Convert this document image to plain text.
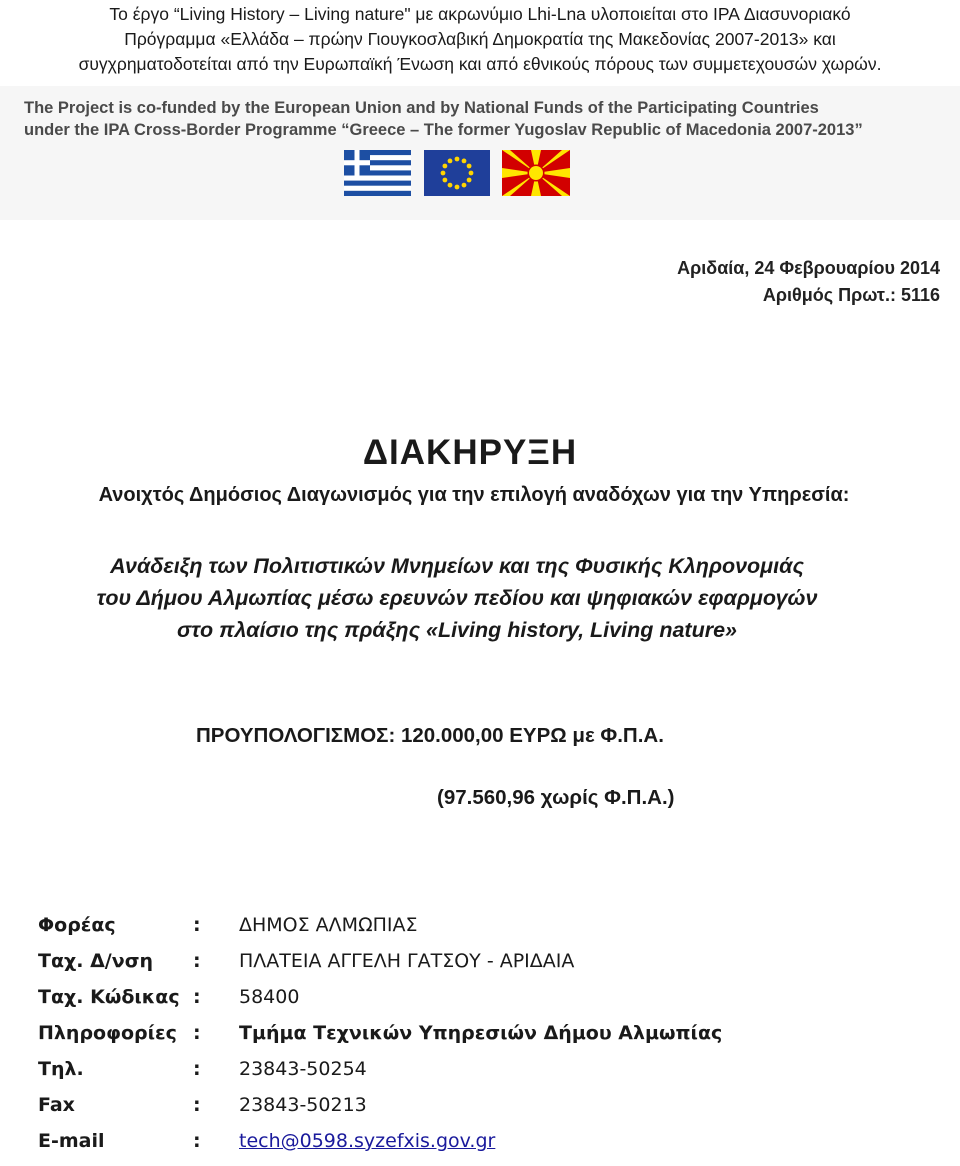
Το έργο “Living History – Living nature" με ακρωνύμιο Lhi-Lna υλοποιείται στο IPA Διασυνοριακό
Πρόγραμμα «Ελλάδα – πρώην Γιουγκοσλαβική Δημοκρατία της Μακεδονίας 2007-2013» και
συγχρηματοδοτείται από την Ευρωπαϊκή Ένωση και από εθνικούς πόρους των συμμετεχουσών χωρών.
The Project is co-funded by the European Union and by National Funds of the Participating Countries
under the IPA Cross-Border Programme “Greece – The former Yugoslav Republic of Macedonia 2007-2013”
Αριδαία, 24 Φεβρουαρίου 2014
Αριθμός Πρωτ.: 5116
ΔΙΑΚΗΡΥΞΗ
Ανοιχτός Δημόσιος Διαγωνισμός για την επιλογή αναδόχων για την Υπηρεσία:
Ανάδειξη των Πολιτιστικών Μνημείων και της Φυσικής Κληρονομιάς
του Δήμου Αλμωπίας μέσω ερευνών πεδίου και ψηφιακών εφαρμογών
στο πλαίσιο της πράξης «Living history, Living nature»
ΠΡΟΥΠΟΛΟΓΙΣΜΟΣ: 120.000,00 ΕΥΡΩ με Φ.Π.Α.
(97.560,96 χωρίς Φ.Π.Α.)
Φορέας	: ΔΗΜΟΣ ΑΛΜΩΠΙΑΣ
Ταχ. Δ/νση : ΠΛΑΤΕΙΑ ΑΓΓΕΛΗ ΓΑΤΣΟΥ - ΑΡΙΔΑΙΑ
Ταχ. Κώδικας : 58400
Πληροφορίες : Τμήμα Τεχνικών Υπηρεσιών Δήμου Αλμωπίας
Τηλ.	: 23843-50254
Fax	: 23843-50213
E-mail	: tech@0598.syzefxis.gov.gr
